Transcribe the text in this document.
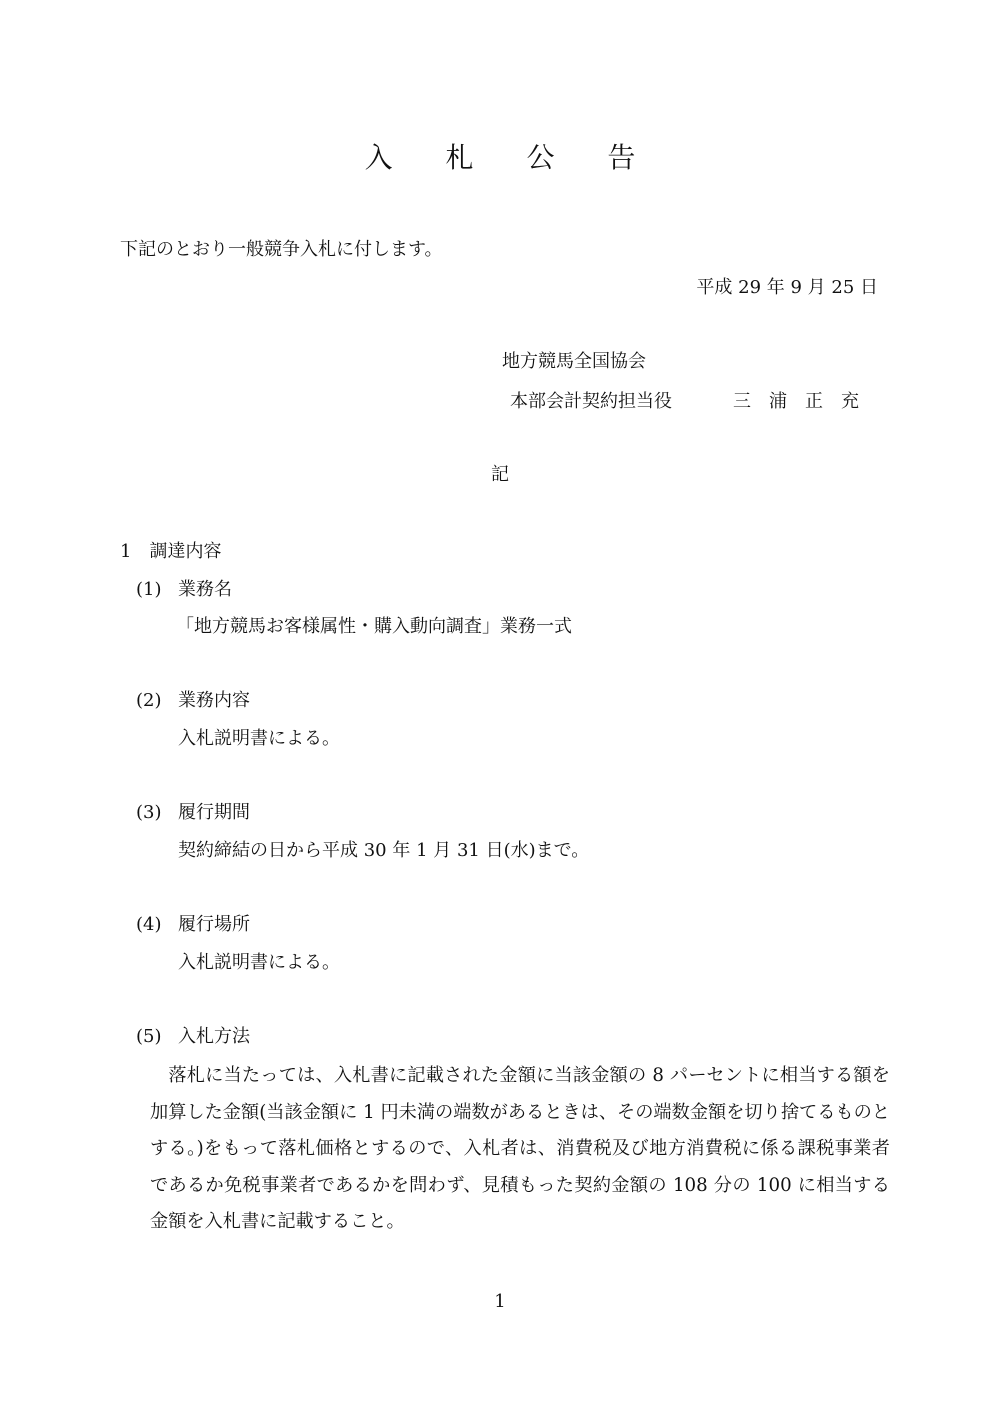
入 札 公 告
下記のとおり一般競争入札に付します。
平成 29 年 9 月 25 日
地方競馬全国協会
本部会計契約担当役	三　浦　正　充
記
1　調達内容
(1) 業務名
「地方競馬お客様属性・購入動向調査」業務一式
(2) 業務内容
入札説明書による。
(3) 履行期間
契約締結の日から平成 30 年 1 月 31 日(水)まで。
(4) 履行場所
入札説明書による。
(5) 入札方法
　落札に当たっては、入札書に記載された金額に当該金額の 8 パーセントに相当する額を加算した金額(当該金額に 1 円未満の端数があるときは、その端数金額を切り捨てるものとする。)をもって落札価格とするので、入札者は、消費税及び地方消費税に係る課税事業者であるか免税事業者であるかを問わず、見積もった契約金額の 108 分の 100 に相当する金額を入札書に記載すること。
1
